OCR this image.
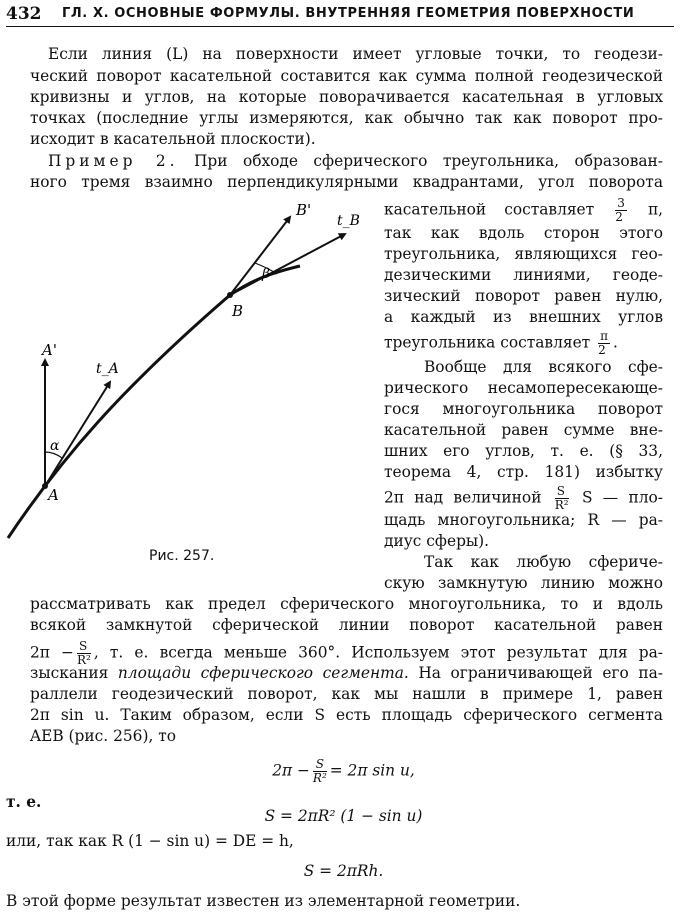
432 ГЛ. X. ОСНОВНЫЕ ФОРМУЛЫ. ВНУТРЕННЯЯ ГЕОМЕТРИЯ ПОВЕРХНОСТИ
Если линия (L) на поверхности имеет угловые точки, то геодези-
ческий поворот касательной составится как сумма полной геодезической
кривизны и углов, на которые поворачивается касательная в угловых
точках (последние углы измеряются, как обычно так как поворот про-
исходит в касательной плоскости).
Пример 2. При обходе сферического треугольника, образован-
ного тремя взаимно перпендикулярными квадрантами, угол поворота
касательной составляет $\frac{3}{2} \pi$,
так как вдоль сторон этого
треугольника, являющихся гео-
дезическими линиями, геоде-
зический поворот равен нулю,
а каждый из внешних углов
треугольника составляет $\frac{\pi}{2}$ .
Вообще для всякого сфе-
рического несамопересекающе-
гося многоугольника поворот
касательной равен сумме вне-
шних его углов, т. е. (§ 33,
теорема 4, стр. 181) избытку
2π над величиной $\frac{S}{\text{R²}}$ S — пло-
щадь многоугольника; R — ра-
диус сферы).
Так как любую сфериче-
скую замкнутую линию можно
A'
t_A
α
A
B'
t_B
β
B
Рис. 257.
рассматривать как предел сферического многоугольника, то и вдоль
всякой замкнутой сферической линии поворот касательной равен
$2\pi - \frac{S}{\text{R²}}$ , т. е. всегда меньше 360°. Используем этот результат для ра-
зыскания площади сферического сегмента. На ограничивающей его па-
раллели геодезический поворот, как мы нашли в примере 1, равен
2π sin u. Таким образом, если S есть площадь сферического сегмента
AEB (рис. 256), то
$2\pi - \frac{S}{\text{R²}} = 2\pi$ sin u,
т. е.
S = 2πR² (1 − sin u)
или, так как R (1 − sin u) = DE = h,
S = 2πRh.
В этой форме результат известен из элементарной геометрии.
